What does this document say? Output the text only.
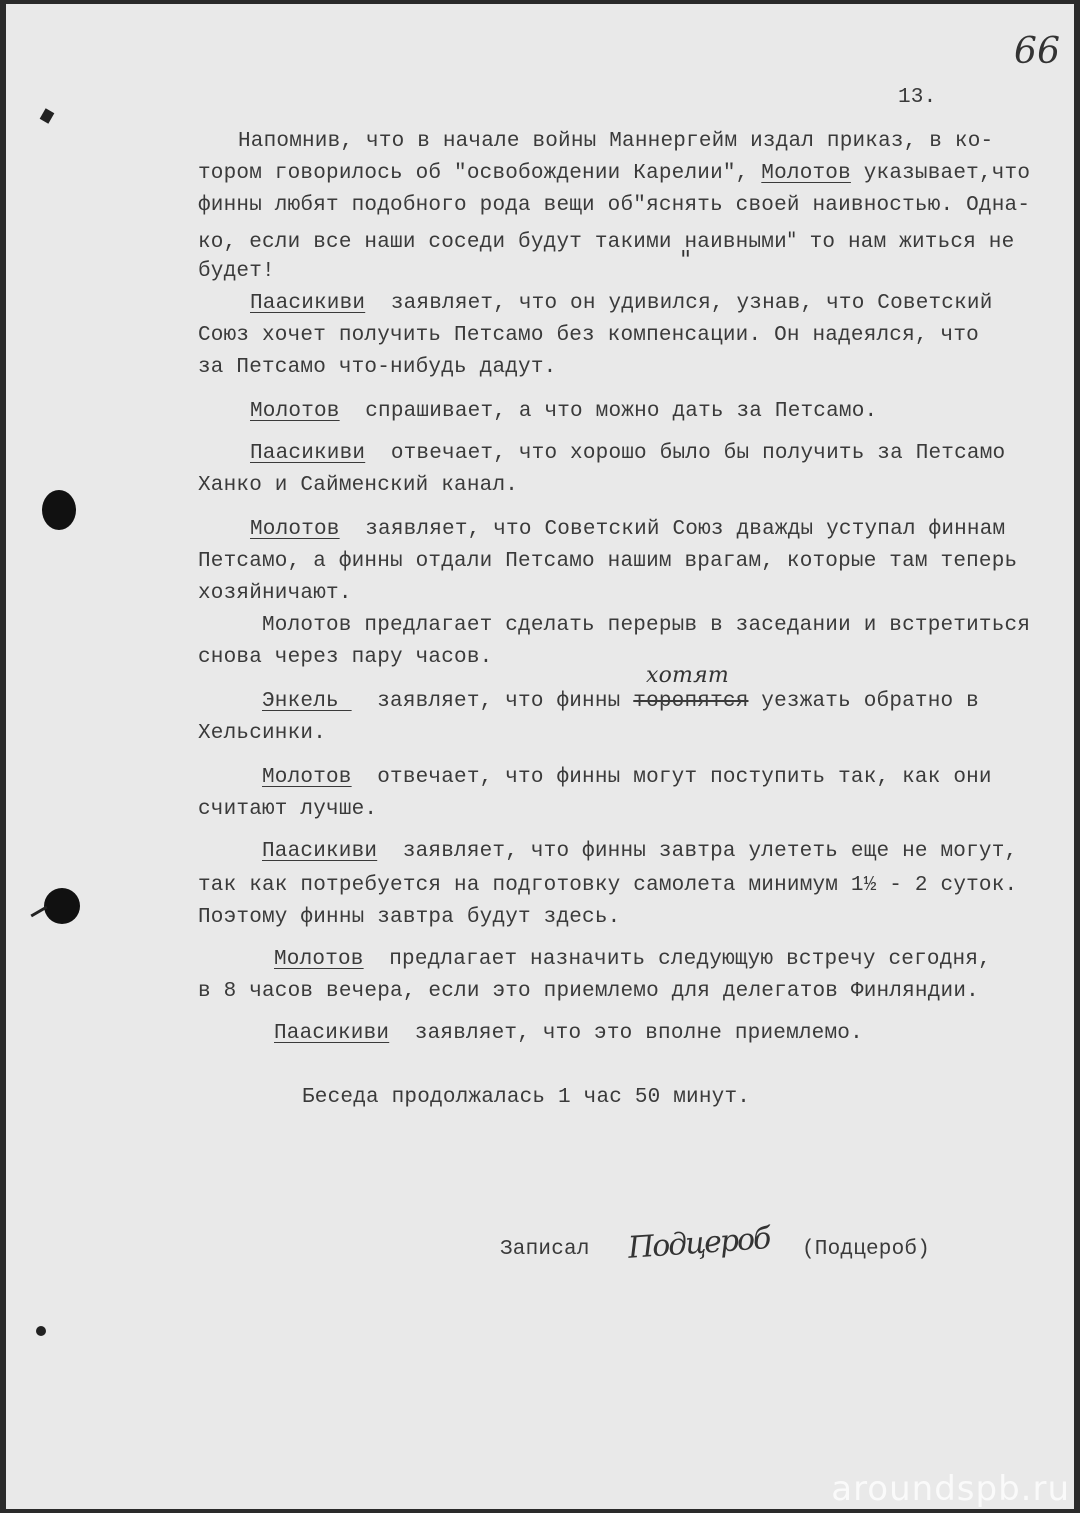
66
13.
Напомнив, что в начале войны Маннергейм издал приказ, в ко-
тором говорилось об "освобождении Карелии", Молотов указывает,что
финны любят подобного рода вещи об"яснять своей наивностью. Одна-
ко, если все наши соседи будут такими наивными" то нам житься не
будет!	"
Паасикиви  заявляет, что он удивился, узнав, что Советский
Союз хочет получить Петсамо без компенсации. Он надеялся, что
за Петсамо что-нибудь дадут.
Молотов  спрашивает, а что можно дать за Петсамо.
Паасикиви  отвечает, что хорошо было бы получить за Петсамо
Ханко и Сайменский канал.
Молотов  заявляет, что Советский Союз дважды уступал финнам
Петсамо, а финны отдали Петсамо нашим врагам, которые там теперь
хозяйничают.
Молотов предлагает сделать перерыв в заседании и встретиться
снова через пару часов.
хотят
Энкель   заявляет, что финны торопятся уезжать обратно в
Хельсинки.
Молотов  отвечает, что финны могут поступить так, как они
считают лучше.
Паасикиви  заявляет, что финны завтра улететь еще не могут,
так как потребуется на подготовку самолета минимум 1½ - 2 суток.
Поэтому финны завтра будут здесь.
Молотов  предлагает назначить следующую встречу сегодня,
в 8 часов вечера, если это приемлемо для делегатов Финляндии.
Паасикиви  заявляет, что это вполне приемлемо.
Беседа продолжалась 1 час 50 минут.
Записал Подцероб (Подцероб)
aroundspb.ru
